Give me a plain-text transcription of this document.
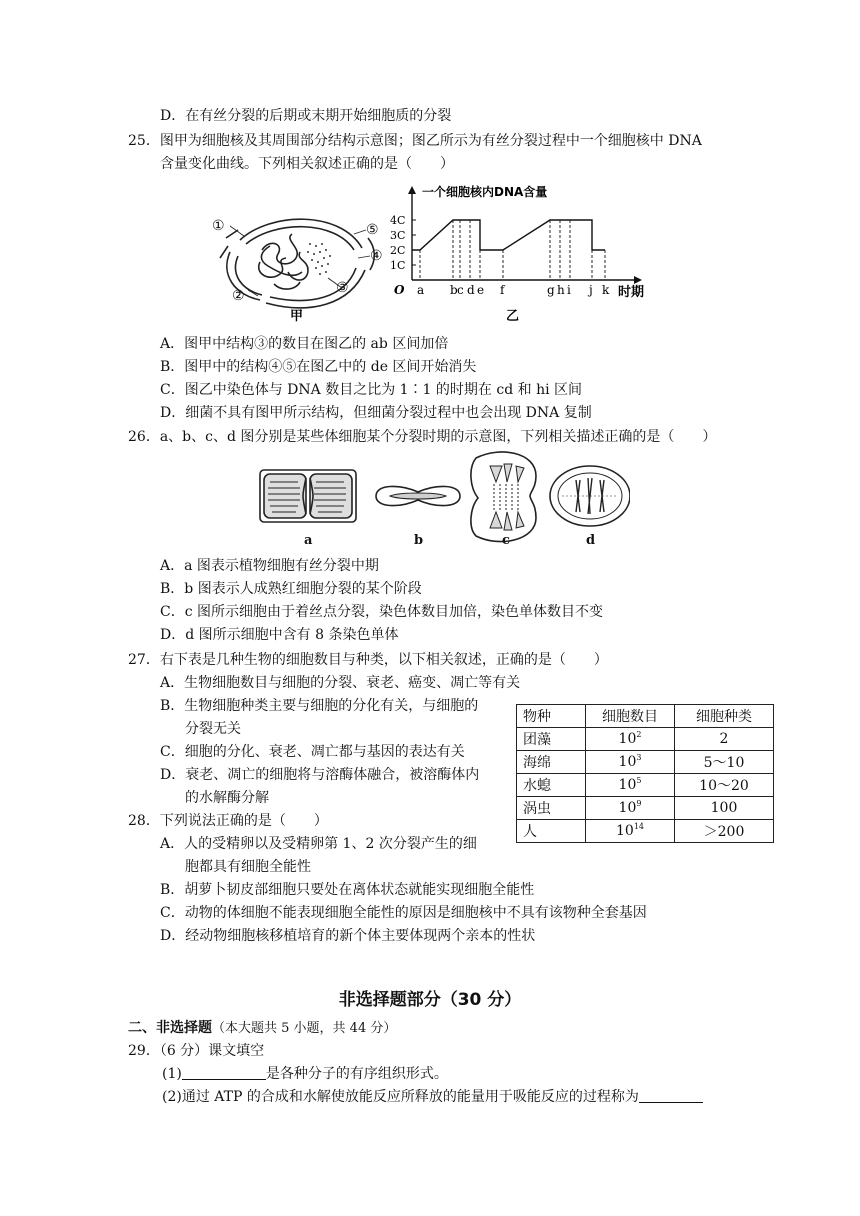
D．在有丝分裂的后期或末期开始细胞质的分裂
25．图甲为细胞核及其周围部分结构示意图；图乙所示为有丝分裂过程中一个细胞核中 DNA
含量变化曲线。下列相关叙述正确的是（　　）
①
②	③
④
⑤
甲
一个细胞核内DNA含量
1C
2C
3C
4C
O a b c d e f	g h i j k 时期
乙
A．图甲中结构③的数目在图乙的 ab 区间加倍
B．图甲中的结构④⑤在图乙中的 de 区间开始消失
C．图乙中染色体与 DNA 数目之比为 1∶1 的时期在 cd 和 hi 区间
D．细菌不具有图甲所示结构，但细菌分裂过程中也会出现 DNA 复制
26．a、b、c、d 图分别是某些体细胞某个分裂时期的示意图，下列相关描述正确的是（　　）
a	b	c	d
A．a 图表示植物细胞有丝分裂中期
B．b 图表示人成熟红细胞分裂的某个阶段
C．c 图所示细胞由于着丝点分裂，染色体数目加倍，染色单体数目不变
D．d 图所示细胞中含有 8 条染色单体
27．右下表是几种生物的细胞数目与种类，以下相关叙述，正确的是（　　）
A．生物细胞数目与细胞的分裂、衰老、癌变、凋亡等有关
B．生物细胞种类主要与细胞的分化有关，与细胞的
分裂无关
C．细胞的分化、衰老、凋亡都与基因的表达有关
D．衰老、凋亡的细胞将与溶酶体融合，被溶酶体内
的水解酶分解
物种	细胞数目	细胞种类
团藻	$10^2$	2
海绵	$10^3$	5～10
水螅	$10^5$	10～20
涡虫	$10^9$	100
人	$10^{14}$	＞200
28．下列说法正确的是（　　）
A．人的受精卵以及受精卵第 1、2 次分裂产生的细
胞都具有细胞全能性
B．胡萝卜韧皮部细胞只要处在离体状态就能实现细胞全能性
C．动物的体细胞不能表现细胞全能性的原因是细胞核中不具有该物种全套基因
D．经动物细胞核移植培育的新个体主要体现两个亲本的性状
非选择题部分（30 分）
二、非选择题（本大题共 5 小题，共 44 分）
29．（6 分）课文填空
(1)	是各种分子的有序组织形式。
(2)通过 ATP 的合成和水解使放能反应所释放的能量用于吸能反应的过程称为
